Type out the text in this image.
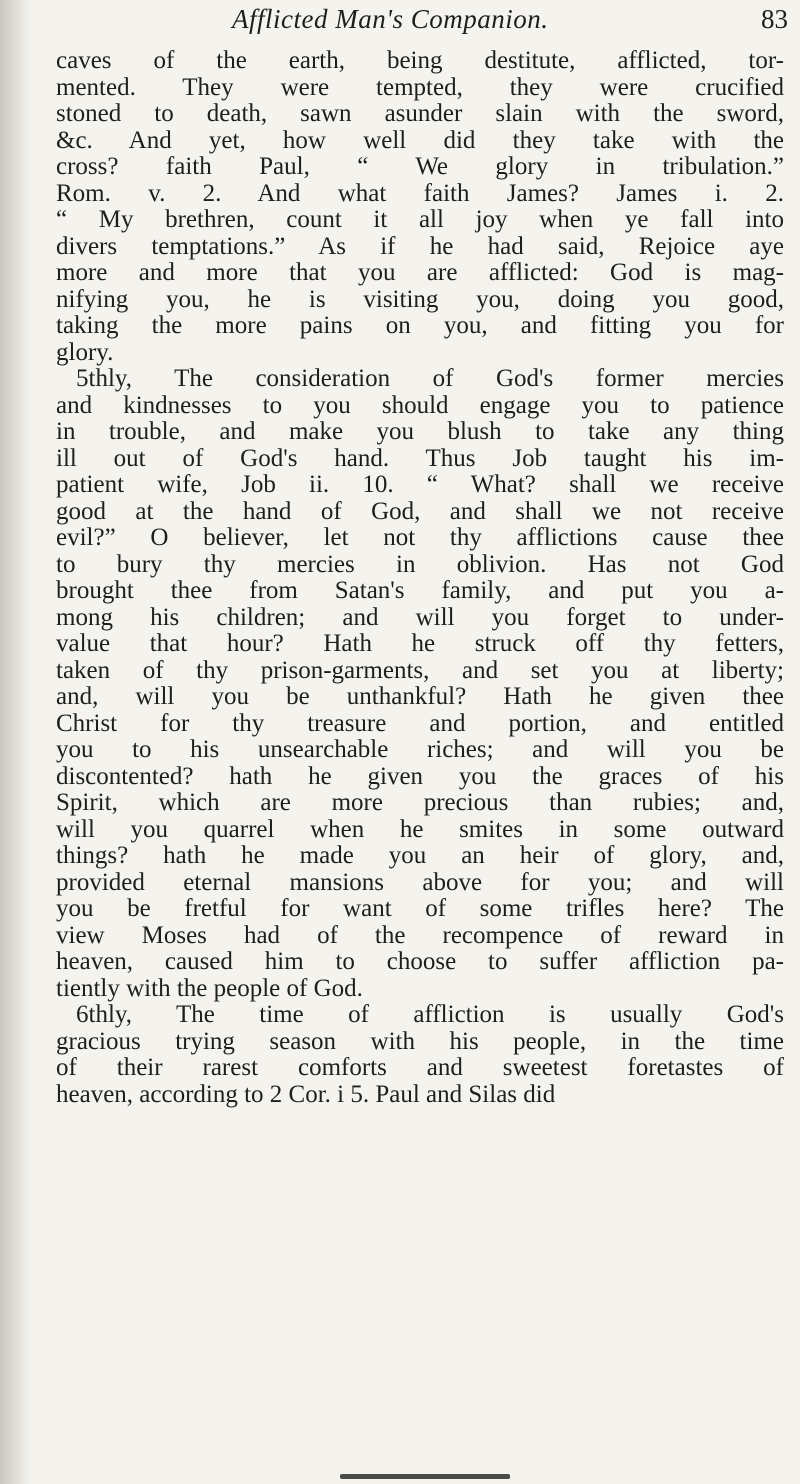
Afflicted Man's Companion.	83
caves of the earth, being destitute, afflicted, tor-
mented. They were tempted, they were crucified
stoned to death, sawn asunder slain with the sword,
&c. And yet, how well did they take with the
cross? faith Paul, “ We glory in tribulation.”
Rom. v. 2. And what faith James? James i. 2.
“ My brethren, count it all joy when ye fall into
divers temptations.” As if he had said, Rejoice aye
more and more that you are afflicted: God is mag-
nifying you, he is visiting you, doing you good,
taking the more pains on you, and fitting you for
glory.
5thly, The consideration of God's former mercies
and kindnesses to you should engage you to patience
in trouble, and make you blush to take any thing
ill out of God's hand. Thus Job taught his im-
patient wife, Job ii. 10. “ What? shall we receive
good at the hand of God, and shall we not receive
evil?” O believer, let not thy afflictions cause thee
to bury thy mercies in oblivion. Has not God
brought thee from Satan's family, and put you a-
mong his children; and will you forget to under-
value that hour? Hath he struck off thy fetters,
taken of thy prison-garments, and set you at liberty;
and, will you be unthankful? Hath he given thee
Christ for thy treasure and portion, and entitled
you to his unsearchable riches; and will you be
discontented? hath he given you the graces of his
Spirit, which are more precious than rubies; and,
will you quarrel when he smites in some outward
things? hath he made you an heir of glory, and,
provided eternal mansions above for you; and will
you be fretful for want of some trifles here? The
view Moses had of the recompence of reward in
heaven, caused him to choose to suffer affliction pa-
tiently with the people of God.
6thly, The time of affliction is usually God's
gracious trying season with his people, in the time
of their rarest comforts and sweetest foretastes of
heaven, according to 2 Cor. i 5. Paul and Silas did
